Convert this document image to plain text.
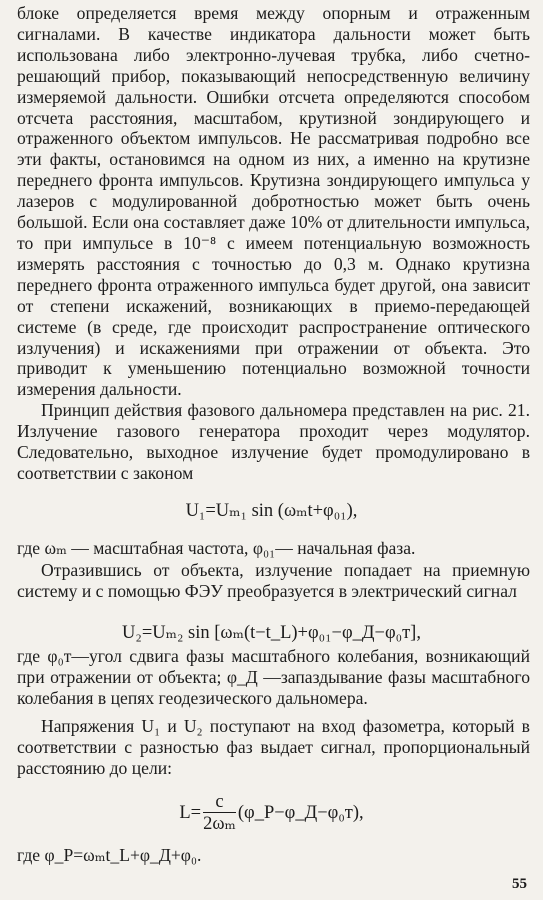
блоке определяется время между опорным и отраженным сигналами. В качестве индикатора дальности может быть использована либо электронно-лучевая трубка, либо счетно-решающий прибор, показывающий непосредственную величину измеряемой дальности. Ошибки отсчета определяются способом отсчета расстояния, масштабом, крутизной зондирующего и отраженного объектом импульсов. Не рассматривая подробно все эти факты, остановимся на одном из них, а именно на крутизне переднего фронта импульсов. Крутизна зондирующего импульса у лазеров с модулированной добротностью может быть очень большой. Если она составляет даже 10% от длительности импульса, то при импульсе в 10⁻⁸ с имеем потенциальную возможность измерять расстояния с точностью до 0,3 м. Однако крутизна переднего фронта отраженного импульса будет другой, она зависит от степени искажений, возникающих в приемо-передающей системе (в среде, где происходит распространение оптического излучения) и искажениями при отражении от объекта. Это приводит к уменьшению потенциально возможной точности измерения дальности.

Принцип действия фазового дальномера представлен на рис. 21. Излучение газового генератора проходит через модулятор. Следовательно, выходное излучение будет промодулировано в соответствии с законом

U₁=Uₘ₁ sin (ωₘt+φ₀₁),
где ωₘ — масштабная частота, φ₀₁— начальная фаза.
Отразившись от объекта, излучение попадает на приемную систему и с помощью ФЭУ преобразуется в электрический сигнал
U₂=Uₘ₂ sin [ωₘ(t−t_L)+φ₀₁−φ_Д−φ₀т],
где φ₀т—угол сдвига фазы масштабного колебания, возникающий при отражении от объекта; φ_Д —запаздывание фазы масштабного колебания в цепях геодезического дальномера.
Напряжения U₁ и U₂ поступают на вход фазометра, который в соответствии с разностью фаз выдает сигнал, пропорциональный расстоянию до цели:
$L= \frac{c}{\text{2ωₘ}}$ (φ_P−φ_Д−φ₀т),
где φ_P=ωₘt_L+φ_Д+φ₀.
55
